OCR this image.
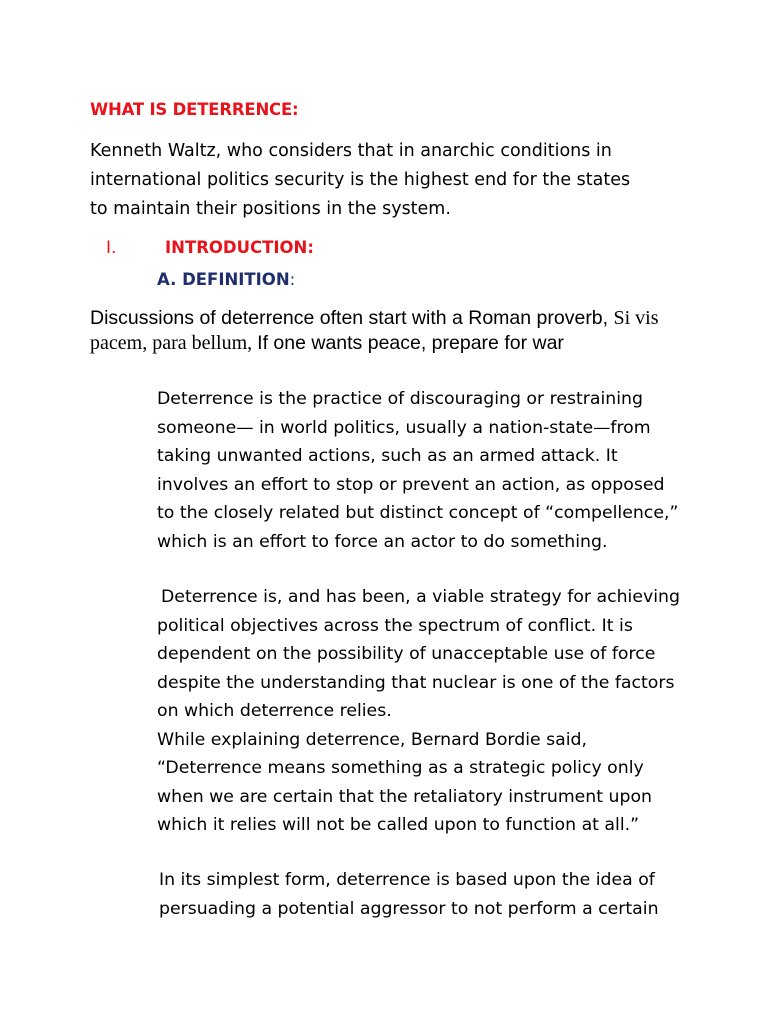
WHAT IS DETERRENCE:
Kenneth Waltz, who considers that in anarchic conditions in international politics security is the highest end for the states to maintain their positions in the system.
I.	INTRODUCTION:
A. DEFINITION:
Discussions of deterrence often start with a Roman proverb, Si vis pacem, para bellum, If one wants peace, prepare for war
Deterrence is the practice of discouraging or restraining someone— in world politics, usually a nation-state—from taking unwanted actions, such as an armed attack. It involves an effort to stop or prevent an action, as opposed to the closely related but distinct concept of “compellence,” which is an effort to force an actor to do something.
Deterrence is, and has been, a viable strategy for achieving political objectives across the spectrum of conflict. It is dependent on the possibility of unacceptable use of force despite the understanding that nuclear is one of the factors on which deterrence relies.
While explaining deterrence, Bernard Bordie said, “Deterrence means something as a strategic policy only when we are certain that the retaliatory instrument upon which it relies will not be called upon to function at all.”
In its simplest form, deterrence is based upon the idea of persuading a potential aggressor to not perform a certain
